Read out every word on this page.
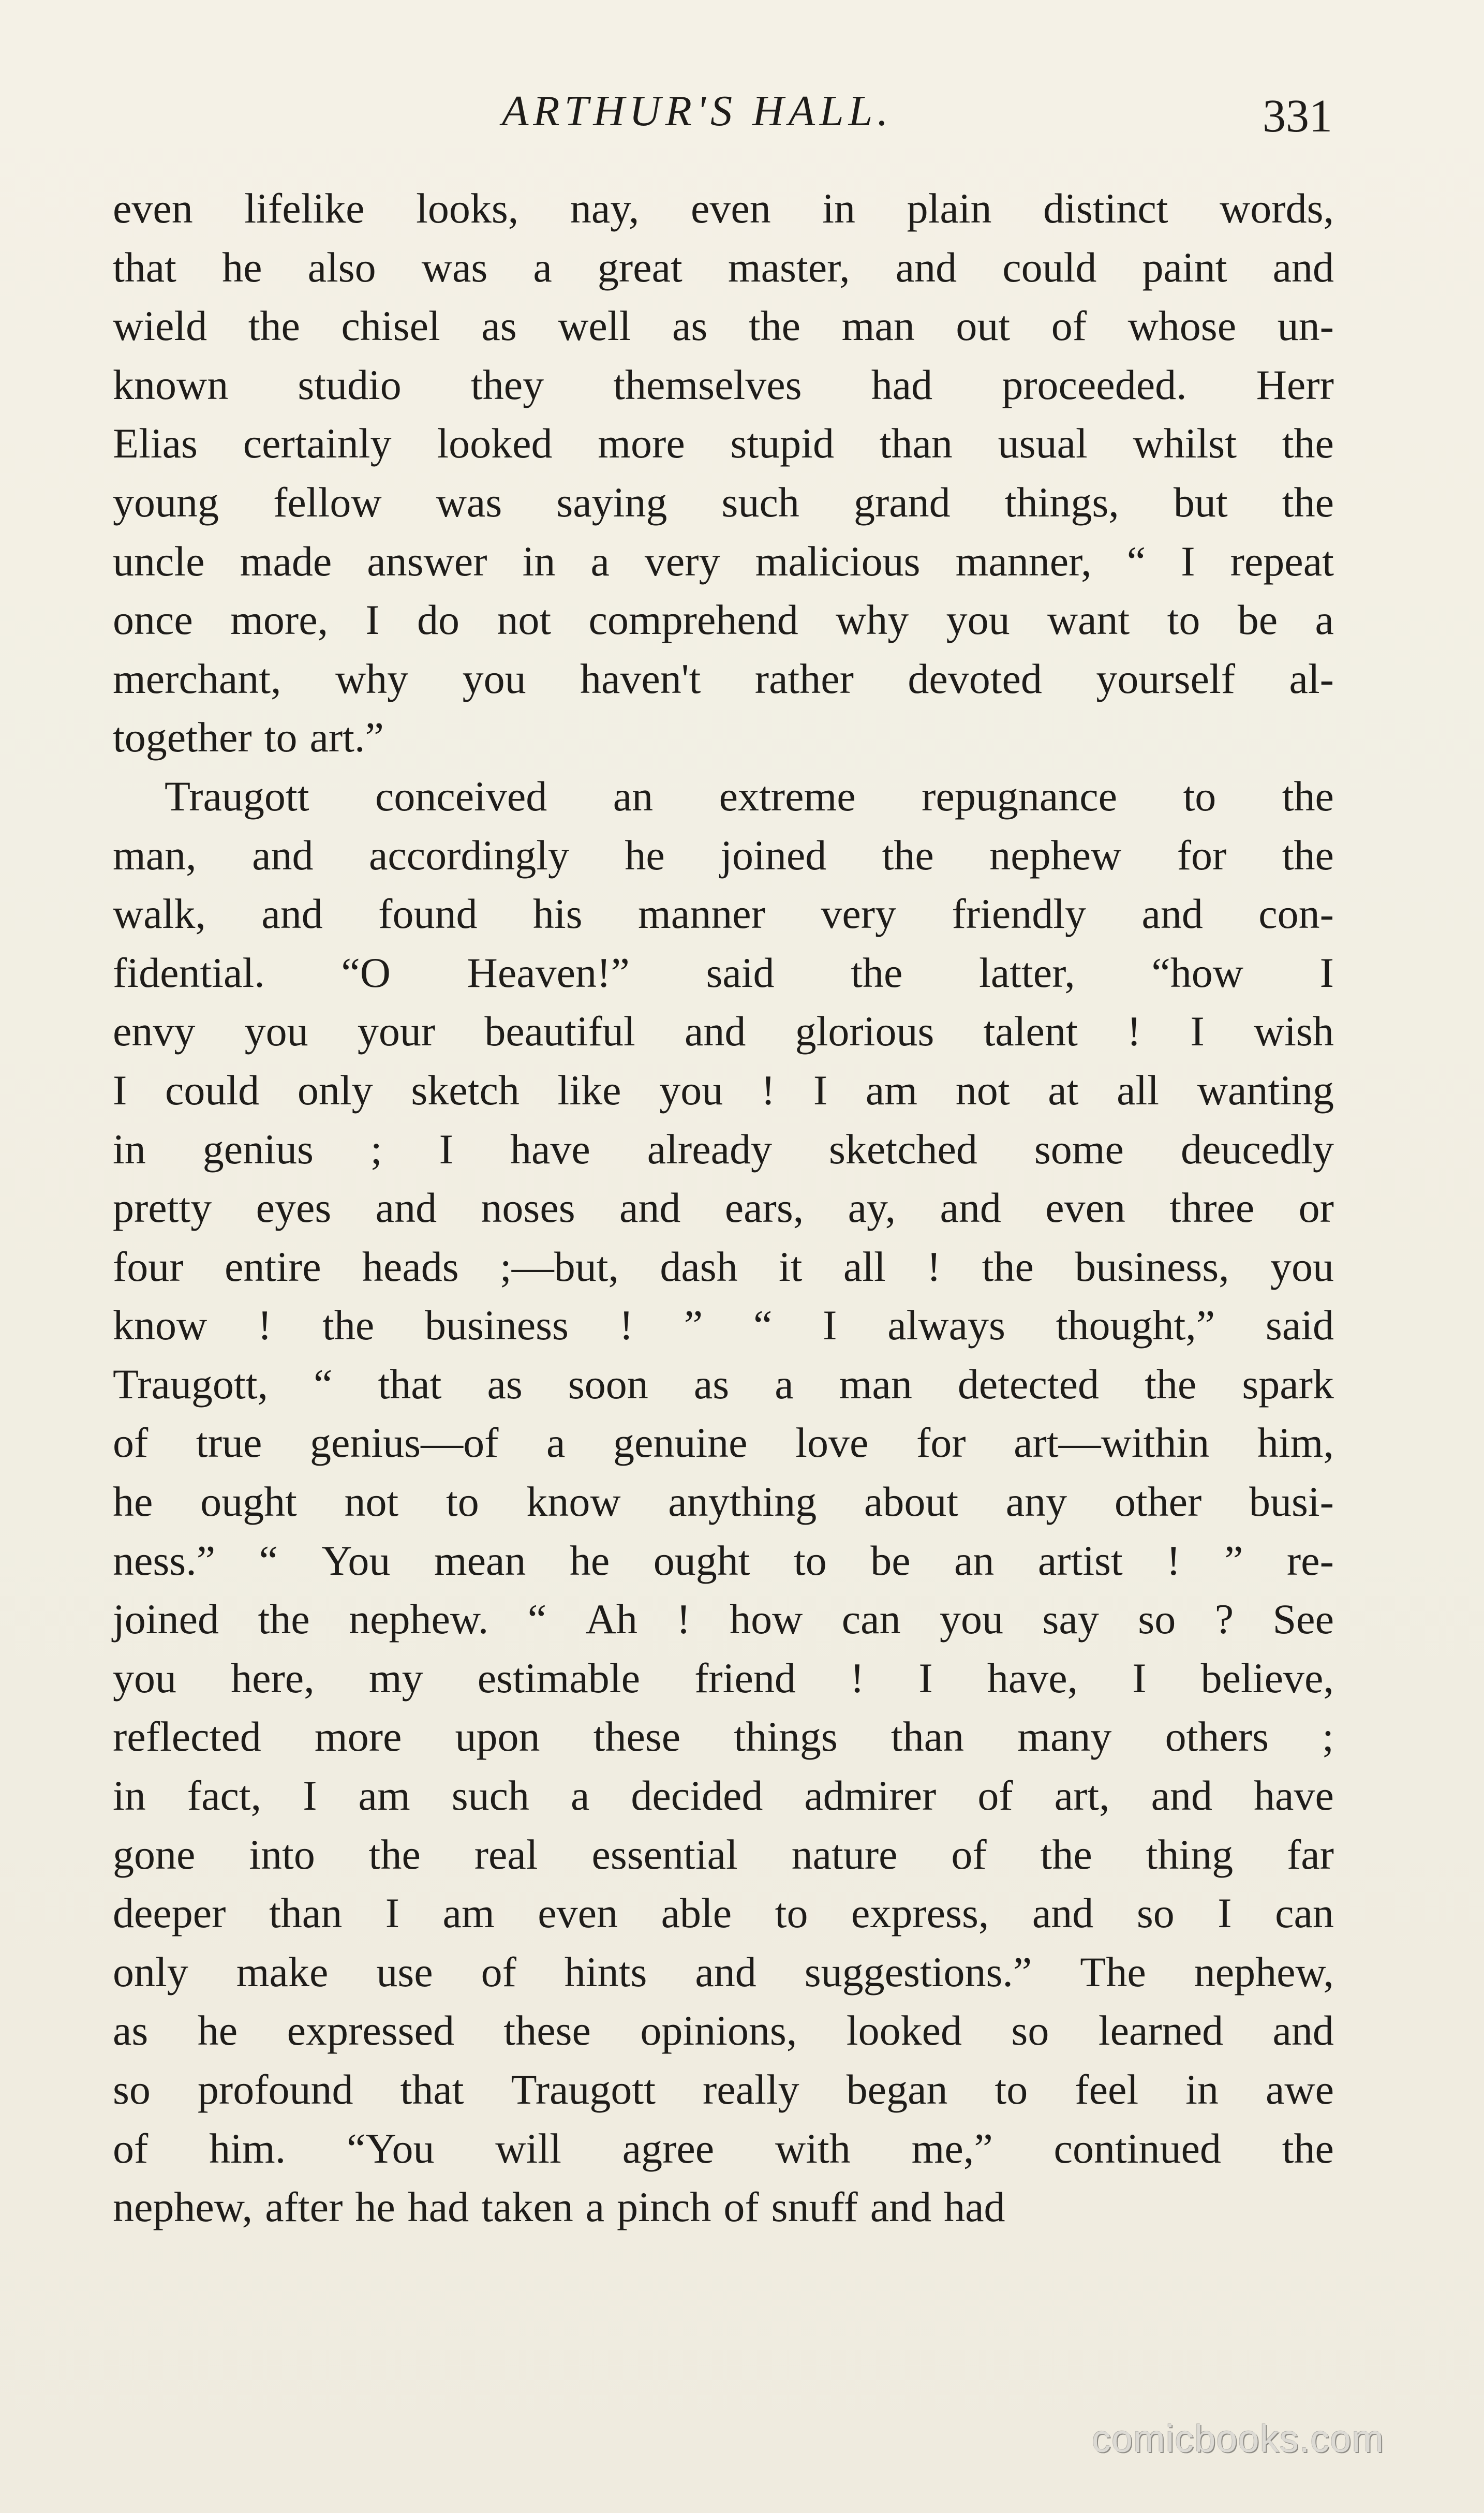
ARTHUR'S HALL.	331
even lifelike looks, nay, even in plain distinct words,
that he also was a great master, and could paint and
wield the chisel as well as the man out of whose un-
known studio they themselves had proceeded. Herr
Elias certainly looked more stupid than usual whilst the
young fellow was saying such grand things, but the
uncle made answer in a very malicious manner, “ I repeat
once more, I do not comprehend why you want to be a
merchant, why you haven't rather devoted yourself al-
together to art.”
Traugott conceived an extreme repugnance to the
man, and accordingly he joined the nephew for the
walk, and found his manner very friendly and con-
fidential. “O Heaven!” said the latter, “how I
envy you your beautiful and glorious talent ! I wish
I could only sketch like you ! I am not at all wanting
in genius ; I have already sketched some deucedly
pretty eyes and noses and ears, ay, and even three or
four entire heads ;—but, dash it all ! the business, you
know ! the business ! ” “ I always thought,” said
Traugott, “ that as soon as a man detected the spark
of true genius—of a genuine love for art—within him,
he ought not to know anything about any other busi-
ness.” “ You mean he ought to be an artist ! ” re-
joined the nephew. “ Ah ! how can you say so ? See
you here, my estimable friend ! I have, I believe,
reflected more upon these things than many others ;
in fact, I am such a decided admirer of art, and have
gone into the real essential nature of the thing far
deeper than I am even able to express, and so I can
only make use of hints and suggestions.” The nephew,
as he expressed these opinions, looked so learned and
so profound that Traugott really began to feel in awe
of him. “You will agree with me,” continued the
nephew, after he had taken a pinch of snuff and had
comicbooks.com
